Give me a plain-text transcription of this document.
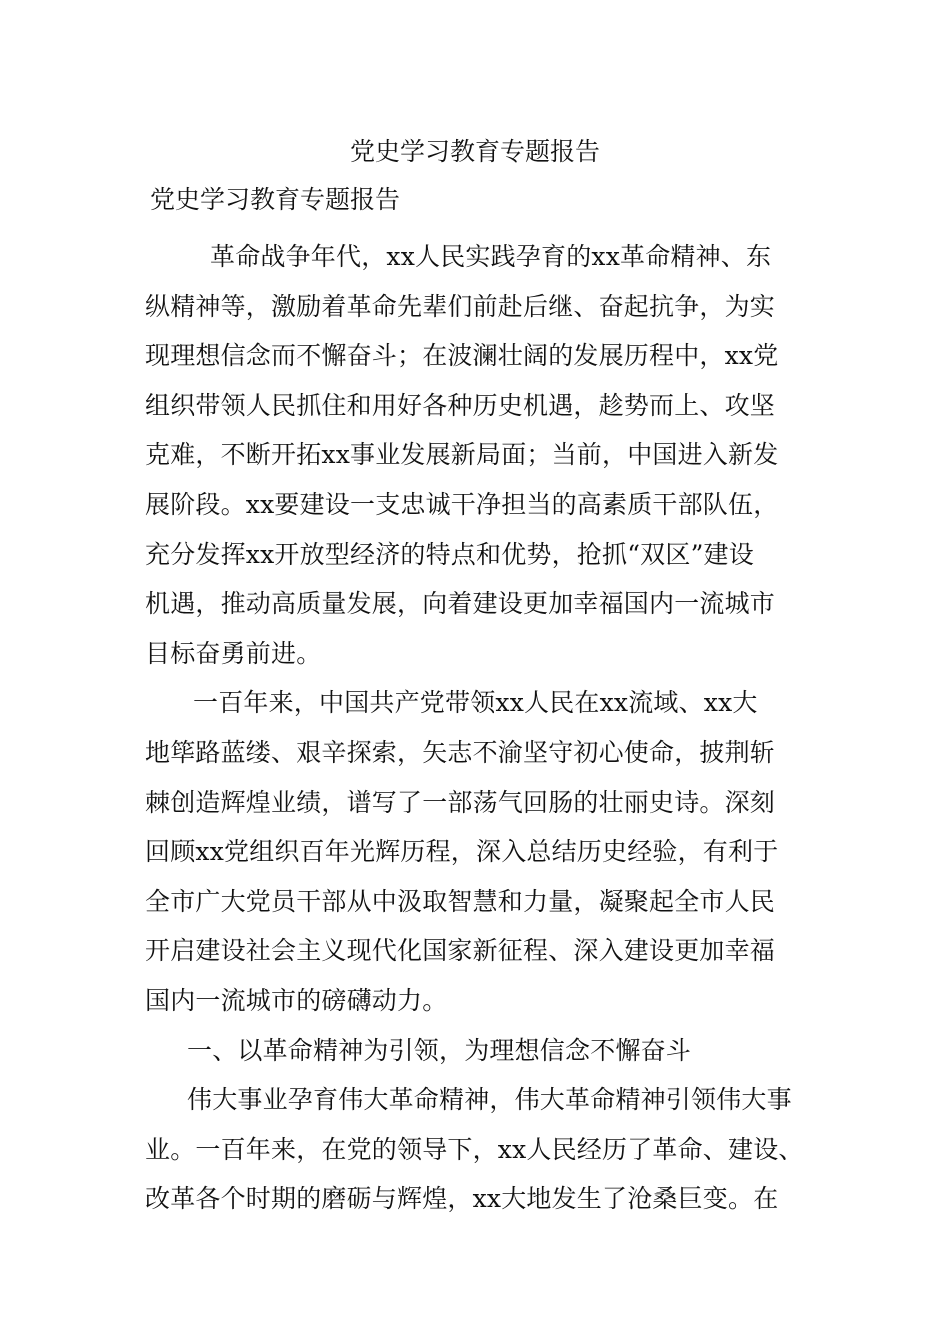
党史学习教育专题报告
党史学习教育专题报告
革命战争年代，xx人民实践孕育的xx革命精神、东
纵精神等，激励着革命先辈们前赴后继、奋起抗争，为实
现理想信念而不懈奋斗；在波澜壮阔的发展历程中，xx党
组织带领人民抓住和用好各种历史机遇，趁势而上、攻坚
克难，不断开拓xx事业发展新局面；当前，中国进入新发
展阶段。xx要建设一支忠诚干净担当的高素质干部队伍，
充分发挥xx开放型经济的特点和优势，抢抓“双区”建设
机遇，推动高质量发展，向着建设更加幸福国内一流城市
目标奋勇前进。
一百年来，中国共产党带领xx人民在xx流域、xx大
地筚路蓝缕、艰辛探索，矢志不渝坚守初心使命，披荆斩
棘创造辉煌业绩，谱写了一部荡气回肠的壮丽史诗。深刻
回顾xx党组织百年光辉历程，深入总结历史经验，有利于
全市广大党员干部从中汲取智慧和力量，凝聚起全市人民
开启建设社会主义现代化国家新征程、深入建设更加幸福
国内一流城市的磅礴动力。
一、以革命精神为引领，为理想信念不懈奋斗
伟大事业孕育伟大革命精神，伟大革命精神引领伟大事
业。一百年来，在党的领导下，xx人民经历了革命、建设、
改革各个时期的磨砺与辉煌，xx大地发生了沧桑巨变。在
